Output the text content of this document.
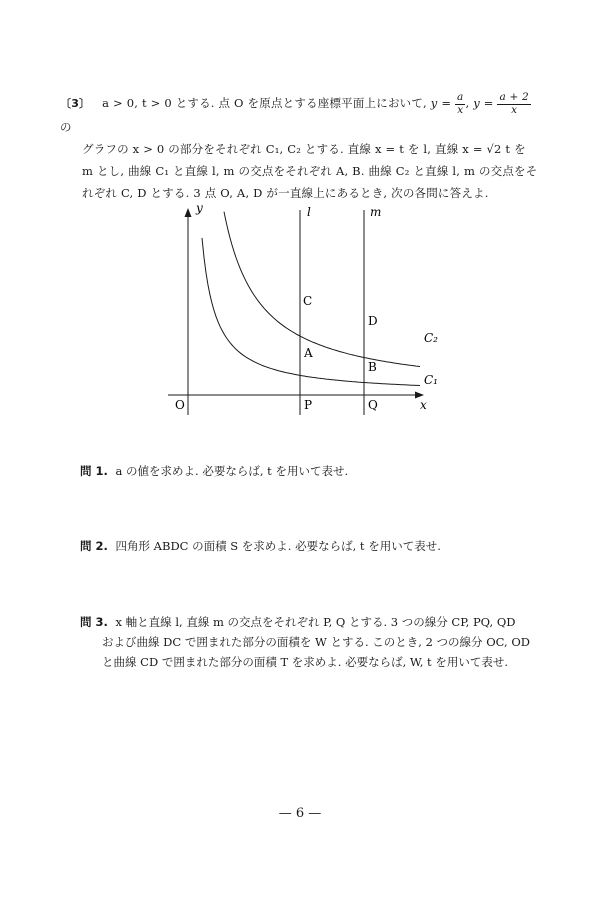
〔3〕 a > 0, t > 0 とする. 点 O を原点とする座標平面上において, $y = \frac{a}{x}$ , $y = \frac{a + 2}{x}$
の

グラフの x > 0 の部分をそれぞれ C₁, C₂ とする. 直線 x = t を l, 直線 x = √2 t を

m とし, 曲線 C₁ と直線 l, m の交点をそれぞれ A, B. 曲線 C₂ と直線 l, m の交点をそ

れぞれ C, D とする. 3 点 O, A, D が一直線上にあるとき, 次の各問に答えよ.

y
x
O
l	m
A
B
C
D
P	Q
C₂
C₁
問 1. a の値を求めよ. 必要ならば, t を用いて表せ.
問 2. 四角形 ABDC の面積 S を求めよ. 必要ならば, t を用いて表せ.
問 3. x 軸と直線 l, 直線 m の交点をそれぞれ P, Q とする. 3 つの線分 CP, PQ, QD
および曲線 DC で囲まれた部分の面積を W とする. このとき, 2 つの線分 OC, OD
と曲線 CD で囲まれた部分の面積 T を求めよ. 必要ならば, W, t を用いて表せ.
— 6 —
